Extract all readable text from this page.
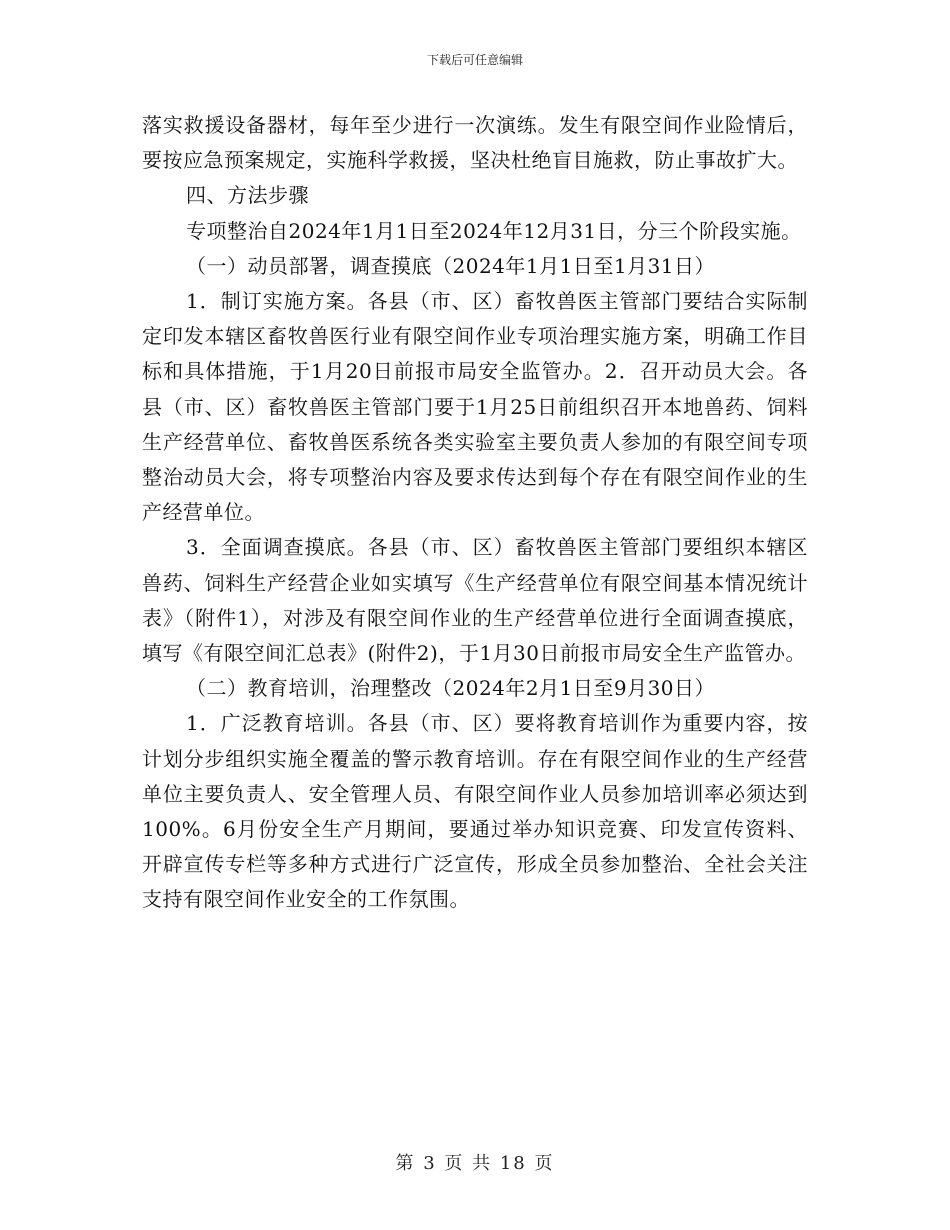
下载后可任意编辑

落实救援设备器材，每年至少进行一次演练。发生有限空间作业险情后，要按应急预案规定，实施科学救援，坚决杜绝盲目施救，防止事故扩大。

四、方法步骤

专项整治自2024年1月1日至2024年12月31日，分三个阶段实施。

（一）动员部署，调查摸底（2024年1月1日至1月31日）

1．制订实施方案。各县（市、区）畜牧兽医主管部门要结合实际制定印发本辖区畜牧兽医行业有限空间作业专项治理实施方案，明确工作目标和具体措施，于1月20日前报市局安全监管办。2．召开动员大会。各县（市、区）畜牧兽医主管部门要于1月25日前组织召开本地兽药、饲料生产经营单位、畜牧兽医系统各类实验室主要负责人参加的有限空间专项整治动员大会，将专项整治内容及要求传达到每个存在有限空间作业的生产经营单位。

3．全面调查摸底。各县（市、区）畜牧兽医主管部门要组织本辖区兽药、饲料生产经营企业如实填写《生产经营单位有限空间基本情况统计表》（附件1），对涉及有限空间作业的生产经营单位进行全面调查摸底，填写《有限空间汇总表》(附件2)，于1月30日前报市局安全生产监管办。

（二）教育培训，治理整改（2024年2月1日至9月30日）

1．广泛教育培训。各县（市、区）要将教育培训作为重要内容，按计划分步组织实施全覆盖的警示教育培训。存在有限空间作业的生产经营单位主要负责人、安全管理人员、有限空间作业人员参加培训率必须达到100%。6月份安全生产月期间，要通过举办知识竞赛、印发宣传资料、开辟宣传专栏等多种方式进行广泛宣传，形成全员参加整治、全社会关注支持有限空间作业安全的工作氛围。

第 3 页 共 18 页
